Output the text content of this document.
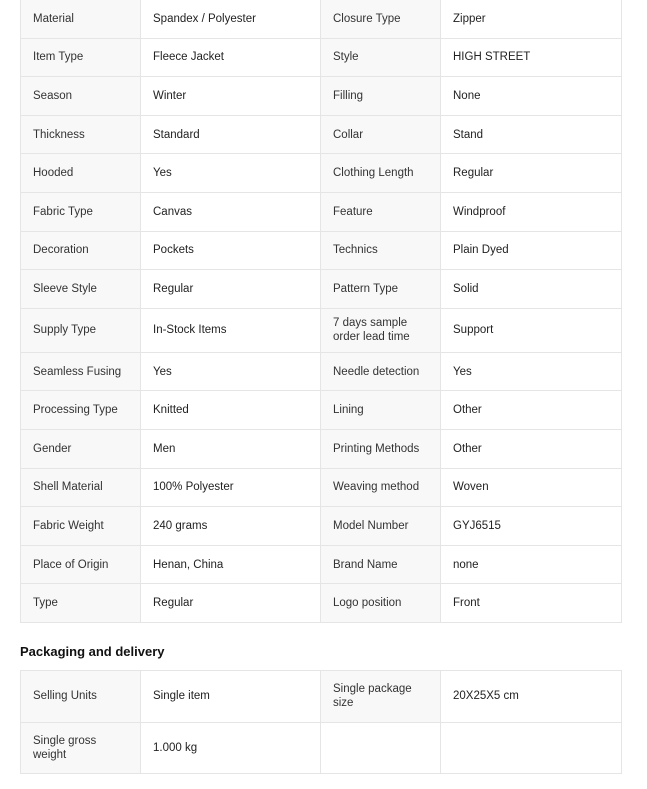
Material	Spandex / Polyester	Closure Type	Zipper
Item Type	Fleece Jacket	Style	HIGH STREET
Season	Winter	Filling	None
Thickness	Standard	Collar	Stand
Hooded	Yes	Clothing Length	Regular
Fabric Type	Canvas	Feature	Windproof
Decoration	Pockets	Technics	Plain Dyed
Sleeve Style	Regular	Pattern Type	Solid
Supply Type	In-Stock Items	7 days sample order lead time	Support
Seamless Fusing	Yes	Needle detection	Yes
Processing Type	Knitted	Lining	Other
Gender	Men	Printing Methods	Other
Shell Material	100% Polyester	Weaving method	Woven
Fabric Weight	240 grams	Model Number	GYJ6515
Place of Origin	Henan, China	Brand Name	none
Type	Regular	Logo position	Front
Packaging and delivery
Selling Units	Single item	Single package size	20X25X5 cm
Single gross weight	1.000 kg		
